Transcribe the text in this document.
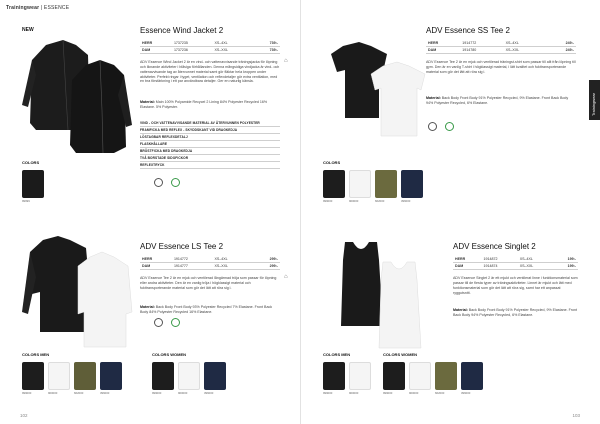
Trainingwear | ESSENCE
NEW	Essence Wind Jacket 2
HERR	1737235	XS–4XL	739:-
DAM	1737236	XS–XXL	739:-
⌂
ADV Essence Wind Jacket 2 är en vind- och vattenavvisande träningsjacka för löpning och liknande aktiviteter i blåsiga förhållanden. Denna mångsidiga vindjacka är vind- och vattenavvisande tag av återvunnet material samt gör fläktar hela kroppen under aktiviteter. Perfekt ringar i tyget, ventilation och reflexdetaljer gör extra ventilation, med en bra förstärkning i ett par användbara detaljer. Ger en naturlig känsla.
Material: Main 100% Polyamide Recycel 2 Lining 84% Polyester Recycled 16% Elastane. 5% Polyester.
VIND - OCH VATTENAVVISANDE MATERIAL AV ÅTERVUNNEN POLYESTER
FRAMFICKA MED REFLEX - SKYDDSKANT VID DRAGKEDJA
LÖSTAGBAR REFLEXDETALJ
FLASKHÅLLARE
BRÖSTFICKA MED DRAGKEDJA
TVÅ BORSTADE SIDOFICKOR
REFLEXTRYCK
COLORS
99999
ADV Essence LS Tee 2
HERR	1914772	XS–4XL	299:-
DAM	1914777	XS–XXL	299:-
⌂
ADV Essence Tee 2 är en mjuk och ventilerad långärmad tröja som passar för löpning eller andra aktiviteter. Den är en vanlig tröja i högklassigt material och fukttransporterande material som gör det lätt att röra sig i.
Material: Back Body Front Body 93% Polyester Recycled 7% Elastane. Front Back Body 84% Polyester Recycled 16% Elastane.
COLORS MEN
999000	900000	662000	396000
COLORS WOMEN
999000	900000	396000
102
Trainingwear
ADV Essence SS Tee 2
HERR	1914772	XS–4XL	249:-
DAM	1914780	XS–XXL	249:-
ADV Essence Tee 2 är en mjuk och ventilerad träningst-shirt som passar till allt från löpning till gym. Den är en vanlig T-shirt i högklassigt material, i lätt kvalitet och fukttransporterande material som gör det lätt att röra sig i.
Material: Back Body Front Body 91% Polyester Recycled, 9% Elastane. Front Back Body 94% Polyester Recycled, 6% Elastane.
COLORS
999000	900000	662000	396000
ADV Essence Singlet 2
HERR	1914872	XS–4XL	199:-
DAM	1914874	XS–XXL	199:-
ADV Essence Singlet 2 är ett mjukt och ventilerat linne i funktionsmaterial som passar till de flesta typer av träningsaktiviteter. Linnet är mjukt och lätt med funktionsmaterial som gör det lätt att röra sig, samt har ett anpassat ryggutsnitt.
Material: Back Body Front Body 91% Polyester Recycled, 9% Elastane. Front Back Body 94% Polyester Recycled, 6% Elastane.
COLORS MEN
999000	900000
COLORS WOMEN
999000	900000	662000	396000
103
